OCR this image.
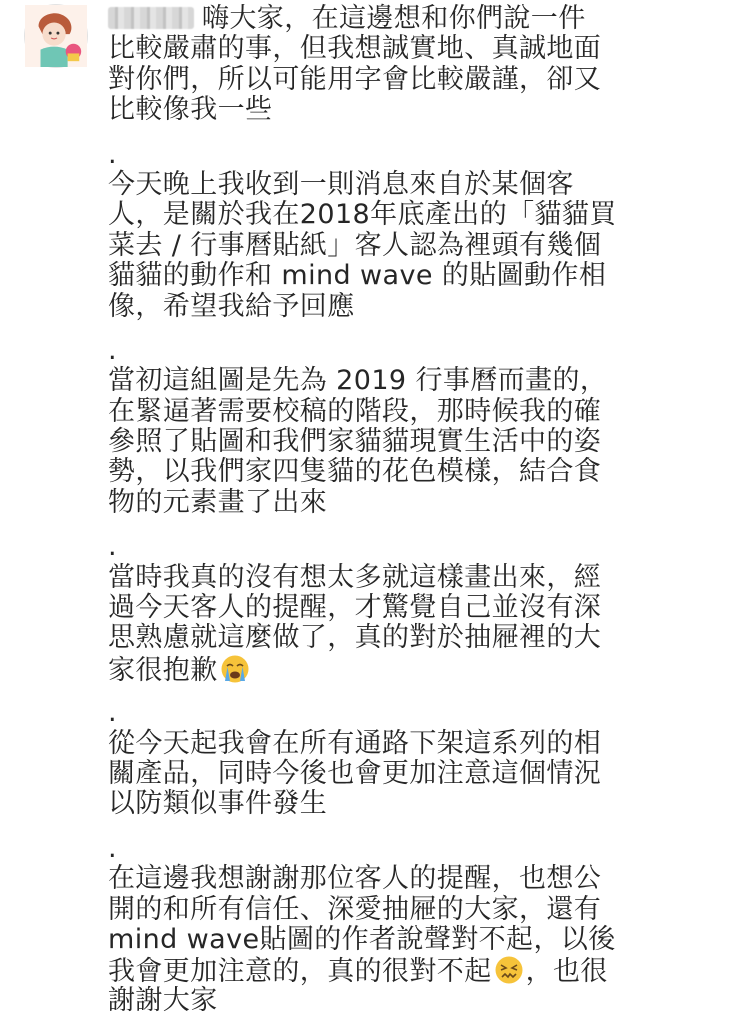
嗨大家，在這邊想和你們說一件
比較嚴肅的事，但我想誠實地、真誠地面
對你們，所以可能用字會比較嚴謹，卻又
比較像我一些
.
今天晚上我收到一則消息來自於某個客
人，是關於我在2018年底產出的「貓貓買
菜去 / 行事曆貼紙」客人認為裡頭有幾個
貓貓的動作和 mind wave 的貼圖動作相
像，希望我給予回應
.
當初這組圖是先為 2019 行事曆而畫的，
在緊逼著需要校稿的階段，那時候我的確
參照了貼圖和我們家貓貓現實生活中的姿
勢，以我們家四隻貓的花色模樣，結合食
物的元素畫了出來
.
當時我真的沒有想太多就這樣畫出來，經
過今天客人的提醒，才驚覺自己並沒有深
思熟慮就這麼做了，真的對於抽屜裡的大
家很抱歉
.
從今天起我會在所有通路下架這系列的相
關產品，同時今後也會更加注意這個情況
以防類似事件發生
.
在這邊我想謝謝那位客人的提醒，也想公
開的和所有信任、深愛抽屜的大家，還有
mind wave貼圖的作者說聲對不起，以後
我會更加注意的，真的很對不起 ，也很
謝謝大家
